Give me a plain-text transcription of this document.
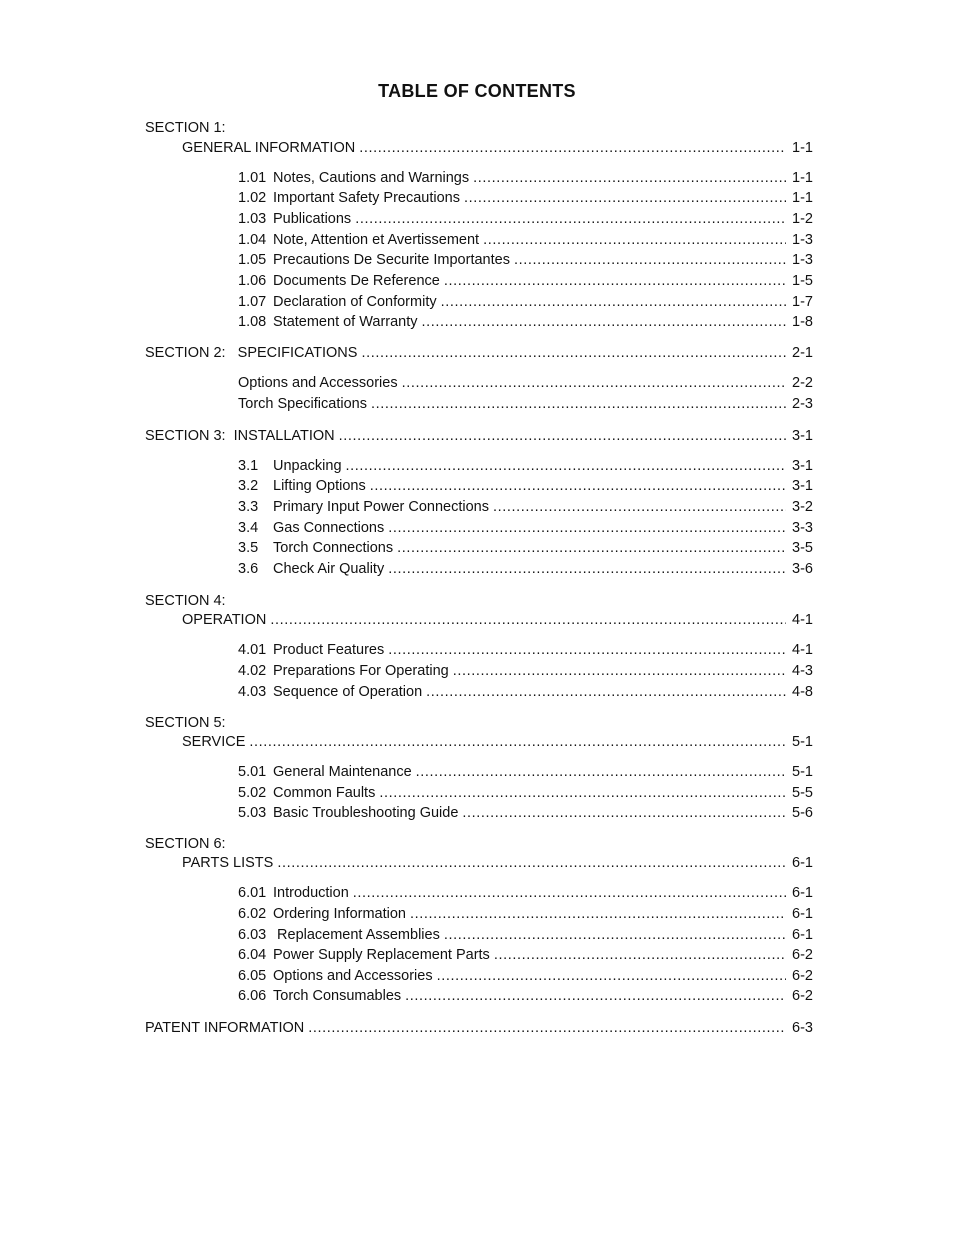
TABLE OF CONTENTS
SECTION 1:
GENERAL INFORMATION .....	1-1
1.01 Notes, Cautions and Warnings .....	1-1
1.02 Important Safety Precautions .....	1-1
1.03 Publications .....	1-2
1.04 Note, Attention et Avertissement .....	1-3
1.05 Precautions De Securite Importantes .....	1-3
1.06 Documents De Reference .....	1-5
1.07 Declaration of Conformity .....	1-7
1.08 Statement of Warranty .....	1-8
SECTION 2:   SPECIFICATIONS .....	2-1
Options and Accessories .....	2-2
Torch Specifications .....	2-3
SECTION 3:  INSTALLATION .....	3-1
3.1	Unpacking .....	3-1
3.2	Lifting Options .....	3-1
3.3	Primary Input Power Connections .....	3-2
3.4	Gas Connections .....	3-3
3.5	Torch Connections .....	3-5
3.6	Check Air Quality .....	3-6
SECTION 4:
OPERATION .....	4-1
4.01 Product Features .....	4-1
4.02 Preparations For Operating .....	4-3
4.03 Sequence of Operation .....	4-8
SECTION 5:
SERVICE .....	5-1
5.01 General Maintenance .....	5-1
5.02 Common Faults .....	5-5
5.03 Basic Troubleshooting Guide .....	5-6
SECTION 6:
PARTS LISTS .....	6-1
6.01 Introduction .....	6-1
6.02 Ordering Information .....	6-1
6.03 Replacement Assemblies .....	6-1
6.04 Power Supply Replacement Parts .....	6-2
6.05 Options and Accessories .....	6-2
6.06 Torch Consumables .....	6-2
PATENT INFORMATION .....	6-3
